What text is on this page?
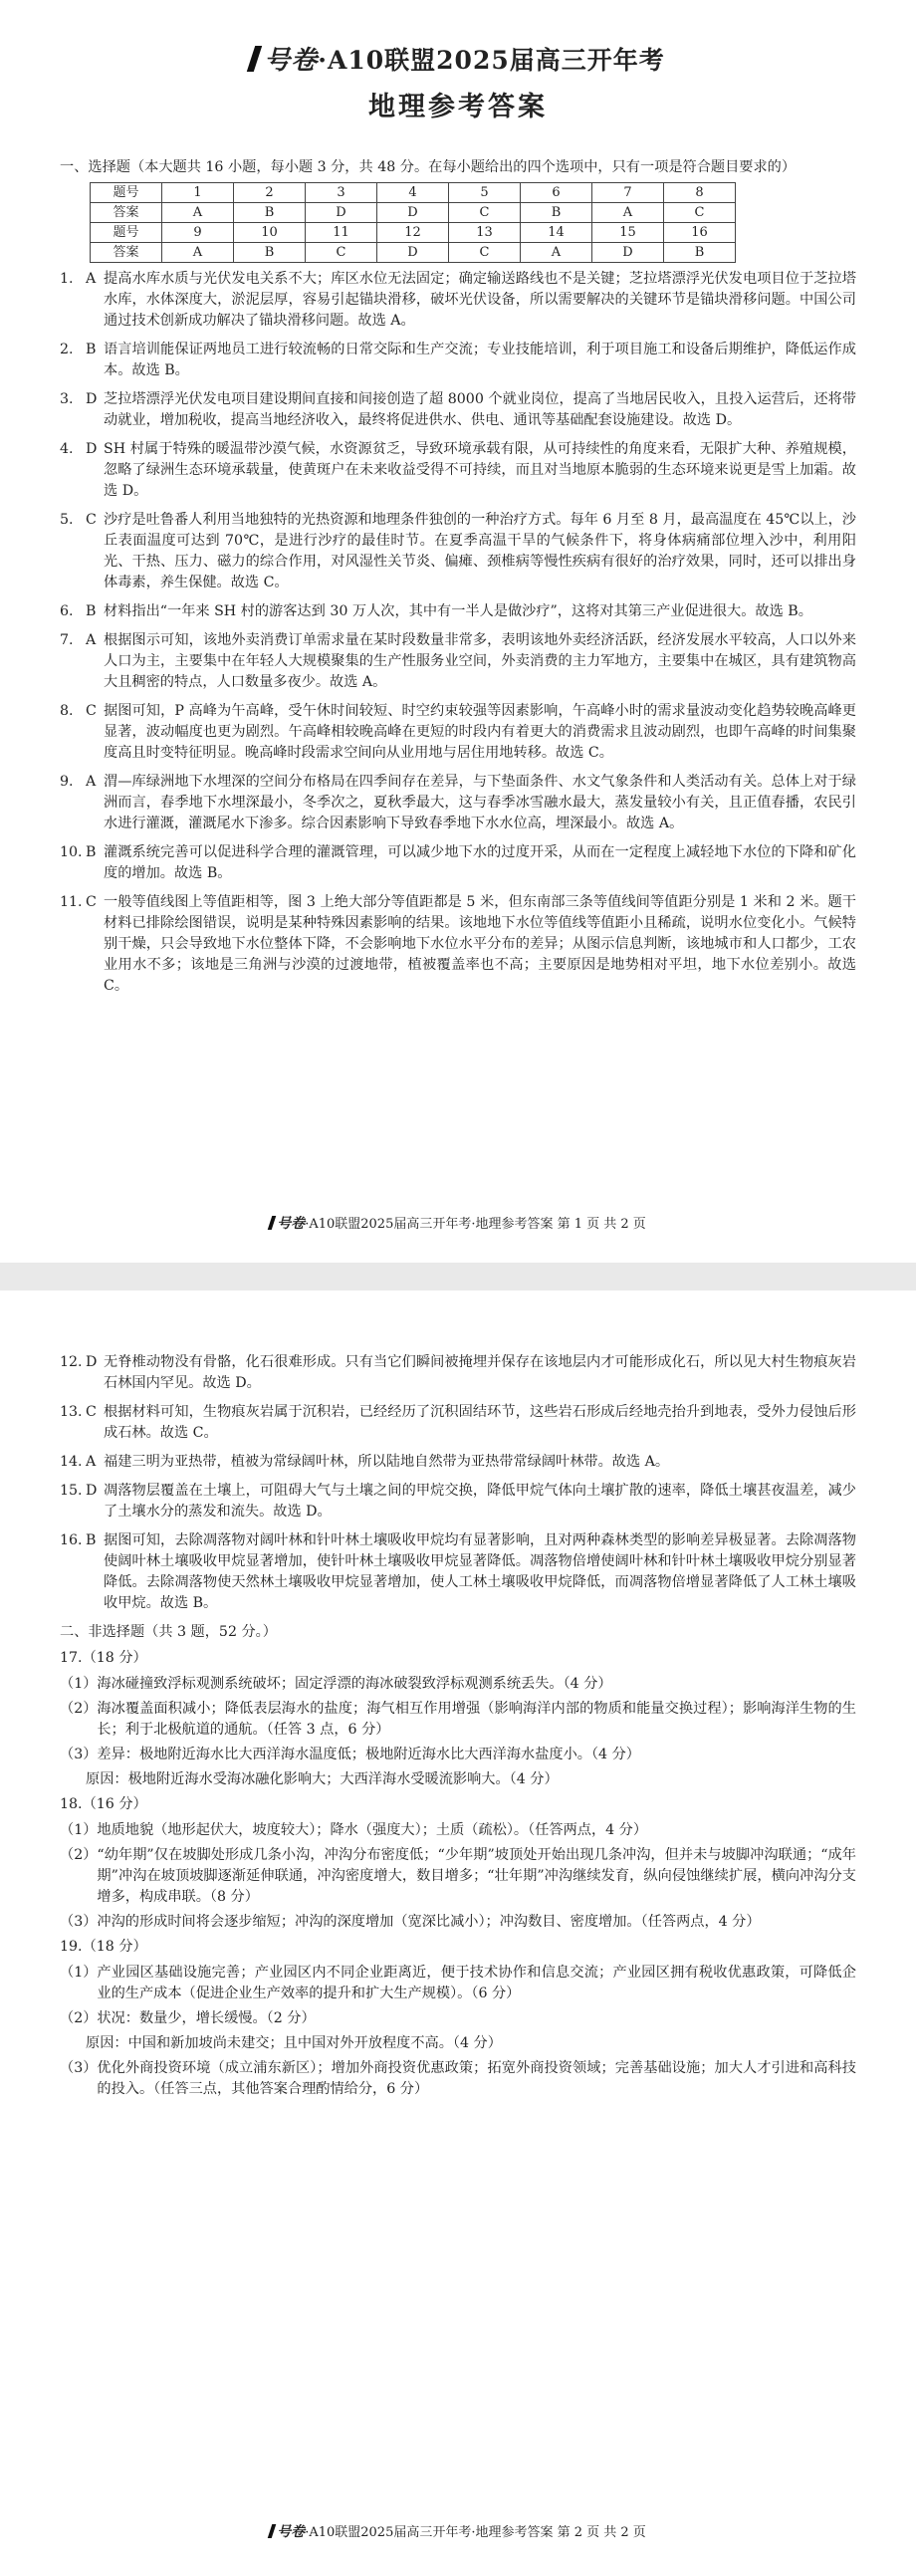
号卷·A10联盟2025届高三开年考
地理参考答案

一、选择题（本大题共 16 小题，每小题 3 分，共 48 分。在每小题给出的四个选项中，只有一项是符合题目要求的）

题号	1	2	3	4	5	6	7	8
答案	A	B	D	D	C	B	A	C
题号	9	10	11	12	13	14	15	16
答案	A	B	C	D	C	A	D	B
1. A 提高水库水质与光伏发电关系不大；库区水位无法固定；确定输送路线也不是关键；芝拉塔漂浮光伏发电项目位于芝拉塔水库，水体深度大，淤泥层厚，容易引起锚块滑移，破坏光伏设备，所以需要解决的关键环节是锚块滑移问题。中国公司通过技术创新成功解决了锚块滑移问题。故选 A。
2. B 语言培训能保证两地员工进行较流畅的日常交际和生产交流；专业技能培训，利于项目施工和设备后期维护，降低运作成本。故选 B。
3. D 芝拉塔漂浮光伏发电项目建设期间直接和间接创造了超 8000 个就业岗位，提高了当地居民收入，且投入运营后，还将带动就业，增加税收，提高当地经济收入，最终将促进供水、供电、通讯等基础配套设施建设。故选 D。
4. D SH 村属于特殊的暖温带沙漠气候，水资源贫乏，导致环境承载有限，从可持续性的角度来看，无限扩大种、养殖规模，忽略了绿洲生态环境承载量，使黄斑户在未来收益受得不可持续，而且对当地原本脆弱的生态环境来说更是雪上加霜。故选 D。
5. C 沙疗是吐鲁番人利用当地独特的光热资源和地理条件独创的一种治疗方式。每年 6 月至 8 月，最高温度在 45℃以上，沙丘表面温度可达到 70℃，是进行沙疗的最佳时节。在夏季高温干旱的气候条件下，将身体病痛部位埋入沙中，利用阳光、干热、压力、磁力的综合作用，对风湿性关节炎、偏瘫、颈椎病等慢性疾病有很好的治疗效果，同时，还可以排出身体毒素，养生保健。故选 C。
6. B 材料指出“一年来 SH 村的游客达到 30 万人次，其中有一半人是做沙疗”，这将对其第三产业促进很大。故选 B。
7. A 根据图示可知，该地外卖消费订单需求量在某时段数量非常多，表明该地外卖经济活跃，经济发展水平较高，人口以外来人口为主，主要集中在年轻人大规模聚集的生产性服务业空间，外卖消费的主力军地方，主要集中在城区，具有建筑物高大且稠密的特点，人口数量多夜少。故选 A。
8. C 据图可知，P 高峰为午高峰，受午休时间较短、时空约束较强等因素影响，午高峰小时的需求量波动变化趋势较晚高峰更显著，波动幅度也更为剧烈。午高峰相较晚高峰在更短的时段内有着更大的消费需求且波动剧烈，也即午高峰的时间集聚度高且时变特征明显。晚高峰时段需求空间向从业用地与居住用地转移。故选 C。
9. A 渭—库绿洲地下水埋深的空间分布格局在四季间存在差异，与下垫面条件、水文气象条件和人类活动有关。总体上对于绿洲而言，春季地下水埋深最小，冬季次之，夏秋季最大，这与春季冰雪融水最大，蒸发量较小有关，且正值春播，农民引水进行灌溉，灌溉尾水下渗多。综合因素影响下导致春季地下水水位高，埋深最小。故选 A。
10. B 灌溉系统完善可以促进科学合理的灌溉管理，可以减少地下水的过度开采，从而在一定程度上减轻地下水位的下降和矿化度的增加。故选 B。
11. C 一般等值线图上等值距相等，图 3 上绝大部分等值距都是 5 米，但东南部三条等值线间等值距分别是 1 米和 2 米。题干材料已排除绘图错误，说明是某种特殊因素影响的结果。该地地下水位等值线等值距小且稀疏，说明水位变化小。气候特别干燥，只会导致地下水位整体下降，不会影响地下水位水平分布的差异；从图示信息判断，该地城市和人口都少，工农业用水不多；该地是三角洲与沙漠的过渡地带，植被覆盖率也不高；主要原因是地势相对平坦，地下水位差别小。故选 C。
号卷·A10联盟2025届高三开年考·地理参考答案 第 1 页 共 2 页
12. D 无脊椎动物没有骨骼，化石很难形成。只有当它们瞬间被掩埋并保存在该地层内才可能形成化石，所以见大村生物痕灰岩石林国内罕见。故选 D。
13. C 根据材料可知，生物痕灰岩属于沉积岩，已经经历了沉积固结环节，这些岩石形成后经地壳抬升到地表，受外力侵蚀后形成石林。故选 C。
14. A 福建三明为亚热带，植被为常绿阔叶林，所以陆地自然带为亚热带常绿阔叶林带。故选 A。
15. D 凋落物层覆盖在土壤上，可阻碍大气与土壤之间的甲烷交换，降低甲烷气体向土壤扩散的速率，降低土壤甚夜温差，减少了土壤水分的蒸发和流失。故选 D。
16. B 据图可知，去除凋落物对阔叶林和针叶林土壤吸收甲烷均有显著影响，且对两种森林类型的影响差异极显著。去除凋落物使阔叶林土壤吸收甲烷显著增加，使针叶林土壤吸收甲烷显著降低。凋落物倍增使阔叶林和针叶林土壤吸收甲烷分别显著降低。去除凋落物使天然林土壤吸收甲烷显著增加，使人工林土壤吸收甲烷降低，而凋落物倍增显著降低了人工林土壤吸收甲烷。故选 B。

二、非选择题（共 3 题，52 分。）

17.（18 分）

（1） 海冰碰撞致浮标观测系统破坏；固定浮漂的海冰破裂致浮标观测系统丢失。（4 分）
（2） 海冰覆盖面积减小；降低表层海水的盐度；海气相互作用增强（影响海洋内部的物质和能量交换过程）；影响海洋生物的生长；利于北极航道的通航。（任答 3 点，6 分）
（3） 差异：极地附近海水比大西洋海水温度低；极地附近海水比大西洋海水盐度小。（4 分）

原因：极地附近海水受海冰融化影响大；大西洋海水受暖流影响大。（4 分）

18.（16 分）

（1） 地质地貌（地形起伏大，坡度较大）；降水（强度大）；土质（疏松）。（任答两点，4 分）
（2） “幼年期”仅在坡脚处形成几条小沟，冲沟分布密度低；“少年期”坡顶处开始出现几条冲沟，但并未与坡脚冲沟联通；“成年期”冲沟在坡顶坡脚逐渐延伸联通，冲沟密度增大，数目增多；“壮年期”冲沟继续发育，纵向侵蚀继续扩展，横向冲沟分支增多，构成串联。（8 分）
（3） 冲沟的形成时间将会逐步缩短；冲沟的深度增加（宽深比减小）；冲沟数目、密度增加。（任答两点，4 分）

19.（18 分）

（1） 产业园区基础设施完善；产业园区内不同企业距离近，便于技术协作和信息交流；产业园区拥有税收优惠政策，可降低企业的生产成本（促进企业生产效率的提升和扩大生产规模）。（6 分）
（2） 状况：数量少，增长缓慢。（2 分）

原因：中国和新加坡尚未建交；且中国对外开放程度不高。（4 分）

（3） 优化外商投资环境（成立浦东新区）；增加外商投资优惠政策；拓宽外商投资领域；完善基础设施；加大人才引进和高科技的投入。（任答三点，其他答案合理酌情给分，6 分）
号卷·A10联盟2025届高三开年考·地理参考答案 第 2 页 共 2 页
